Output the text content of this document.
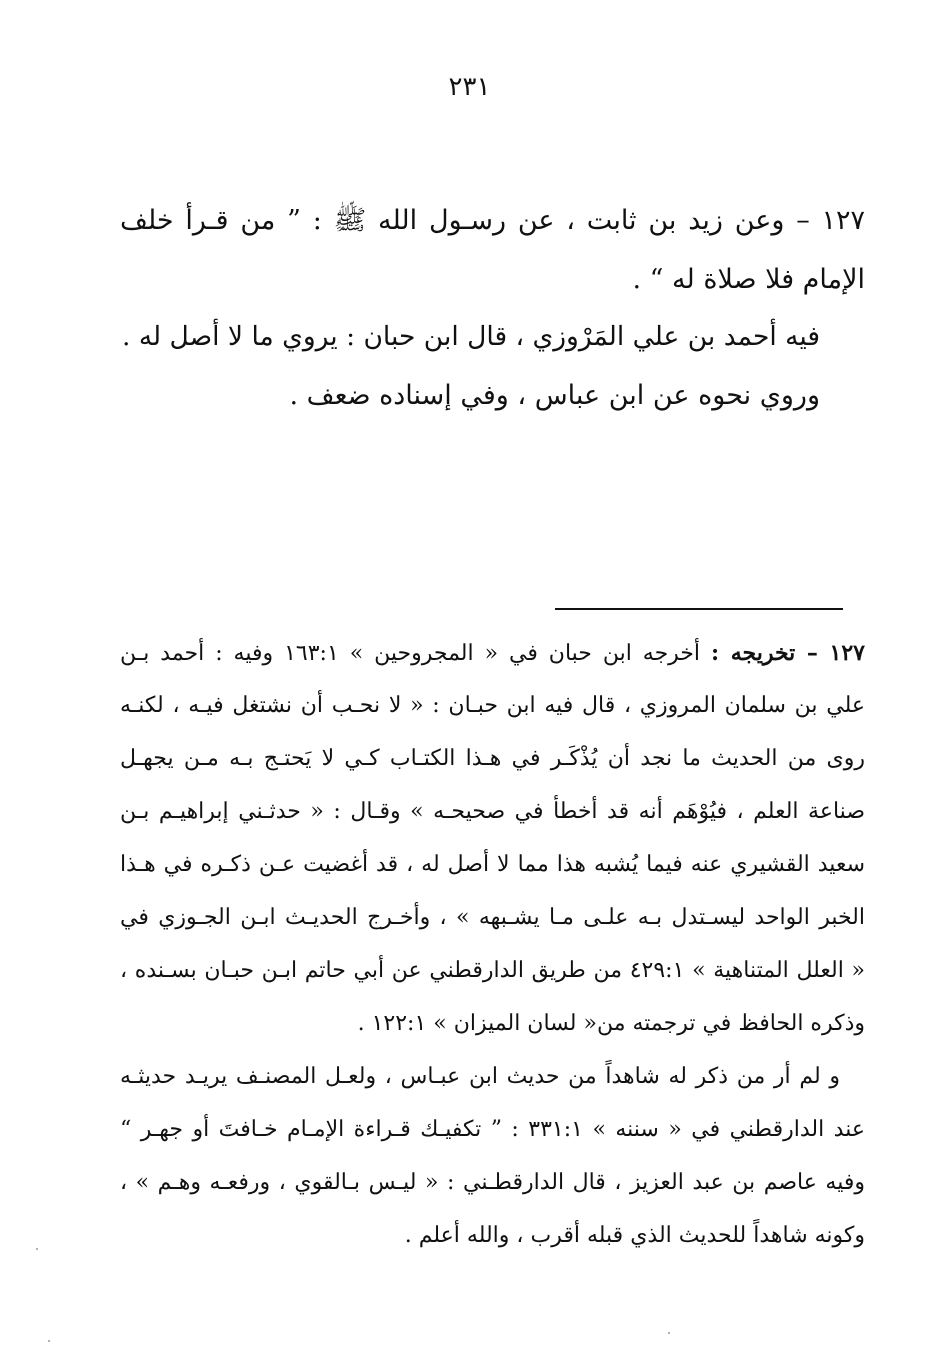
٢٣١

١٢٧ – وعن زيد بن ثابت ، عن رسـول الله ﷺ : ” من قـرأ خلف

الإمام فلا صلاة له “ .

فيه أحمد بن علي المَرْوزي ، قال ابن حبان : يروي ما لا أصل له .

وروي نحوه عن ابن عباس ، وفي إسناده ضعف .

١٢٧ – تخريجه : أخرجه ابن حبان في « المجروحين » ١٦٣:١ وفيه : أحمد بـن

علي بن سلمان المروزي ، قال فيه ابن حبـان : « لا نحـب أن نشتغل فيـه ، لكنـه

روى من الحديث ما نجد أن يُذْكَـر في هـذا الكتـاب كـي لا يَحتـج بـه مـن يجهـل

صناعة العلم ، فيُوْهَم أنه قد أخطأ في صحيحـه » وقـال : « حدثـني إبراهيـم بـن

سعيد القشيري عنه فيما يُشبه هذا مما لا أصل له ، قد أغضيت عـن ذكـره في هـذا

الخبر الواحد ليسـتدل بـه علـى مـا يشـبهه » ، وأخـرج الحديـث ابـن الجـوزي في

« العلل المتناهية » ٤٢٩:١ من طريق الدارقطني عن أبي حاتم ابـن حبـان بسـنده ،

وذكره الحافظ في ترجمته من« لسان الميزان » ١٢٢:١ .

و لم أر من ذكر له شاهداً من حديث ابن عبـاس ، ولعـل المصنـف يريـد حديثـه

عند الدارقطني في « سننه » ٣٣١:١ : ” تكفيـك قـراءة الإمـام خـافتَ أو جهـر “

وفيه عاصم بن عبد العزيز ، قال الدارقطـني : « ليـس بـالقوي ، ورفعـه وهـم » ،

وكونه شاهداً للحديث الذي قبله أقرب ، والله أعلم .
